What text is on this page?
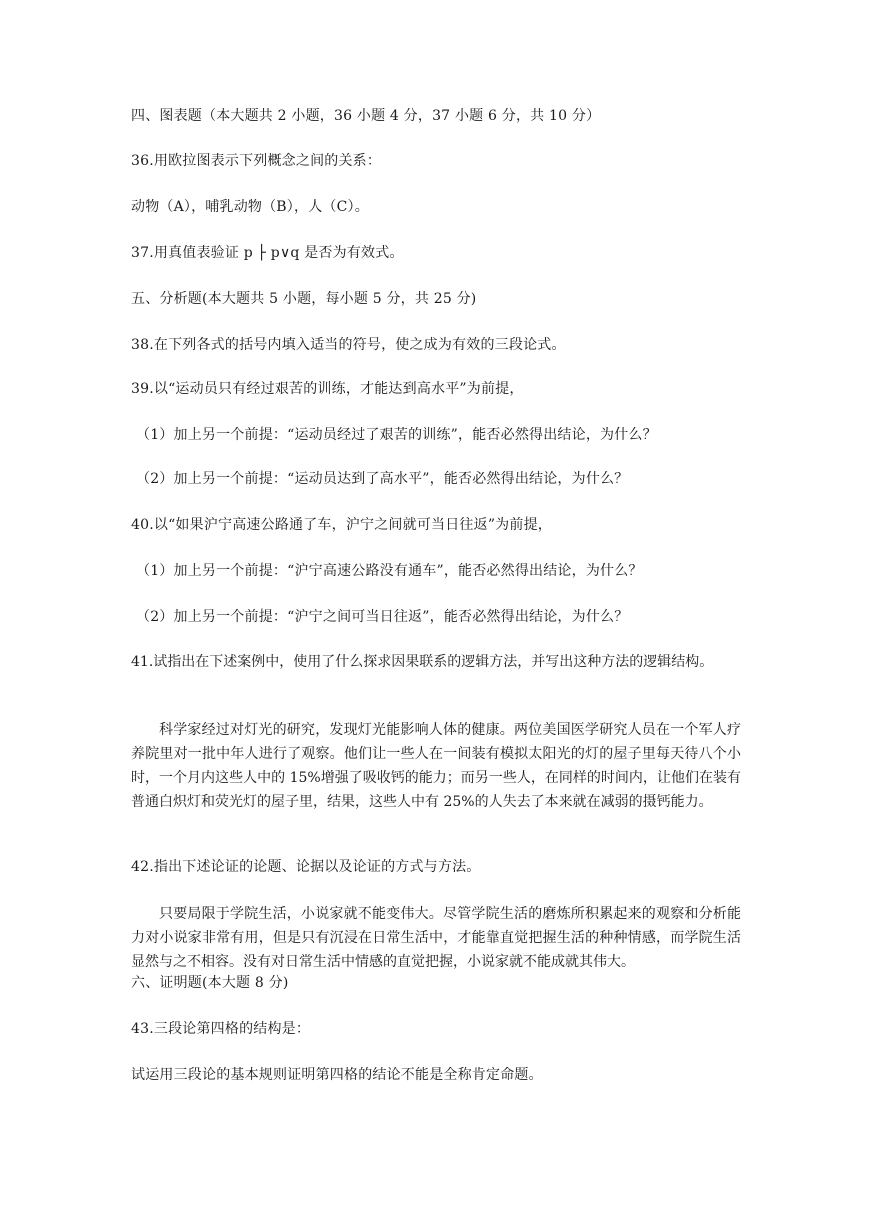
四、图表题（本大题共 2 小题，36 小题 4 分，37 小题 6 分，共 10 分）
36.用欧拉图表示下列概念之间的关系：
动物（A），哺乳动物（B），人（C）。
37.用真值表验证 p ├ p∨q 是否为有效式。
五、分析题(本大题共 5 小题，每小题 5 分，共 25 分)
38.在下列各式的括号内填入适当的符号，使之成为有效的三段论式。
39.以“运动员只有经过艰苦的训练，才能达到高水平”为前提，
（1）加上另一个前提：“运动员经过了艰苦的训练”，能否必然得出结论，为什么？
（2）加上另一个前提：“运动员达到了高水平”，能否必然得出结论，为什么？
40.以“如果沪宁高速公路通了车，沪宁之间就可当日往返”为前提，
（1）加上另一个前提：“沪宁高速公路没有通车”，能否必然得出结论，为什么？
（2）加上另一个前提：“沪宁之间可当日往返”，能否必然得出结论，为什么？
41.试指出在下述案例中，使用了什么探求因果联系的逻辑方法，并写出这种方法的逻辑结构。
科学家经过对灯光的研究，发现灯光能影响人体的健康。两位美国医学研究人员在一个军人疗养院里对一批中年人进行了观察。他们让一些人在一间装有模拟太阳光的灯的屋子里每天待八个小时，一个月内这些人中的 15%增强了吸收钙的能力；而另一些人，在同样的时间内，让他们在装有普通白炽灯和荧光灯的屋子里，结果，这些人中有 25%的人失去了本来就在减弱的摄钙能力。
42.指出下述论证的论题、论据以及论证的方式与方法。
只要局限于学院生活，小说家就不能变伟大。尽管学院生活的磨炼所积累起来的观察和分析能力对小说家非常有用，但是只有沉浸在日常生活中，才能靠直觉把握生活的种种情感，而学院生活显然与之不相容。没有对日常生活中情感的直觉把握，小说家就不能成就其伟大。
六、证明题(本大题 8 分)
43.三段论第四格的结构是：
试运用三段论的基本规则证明第四格的结论不能是全称肯定命题。
